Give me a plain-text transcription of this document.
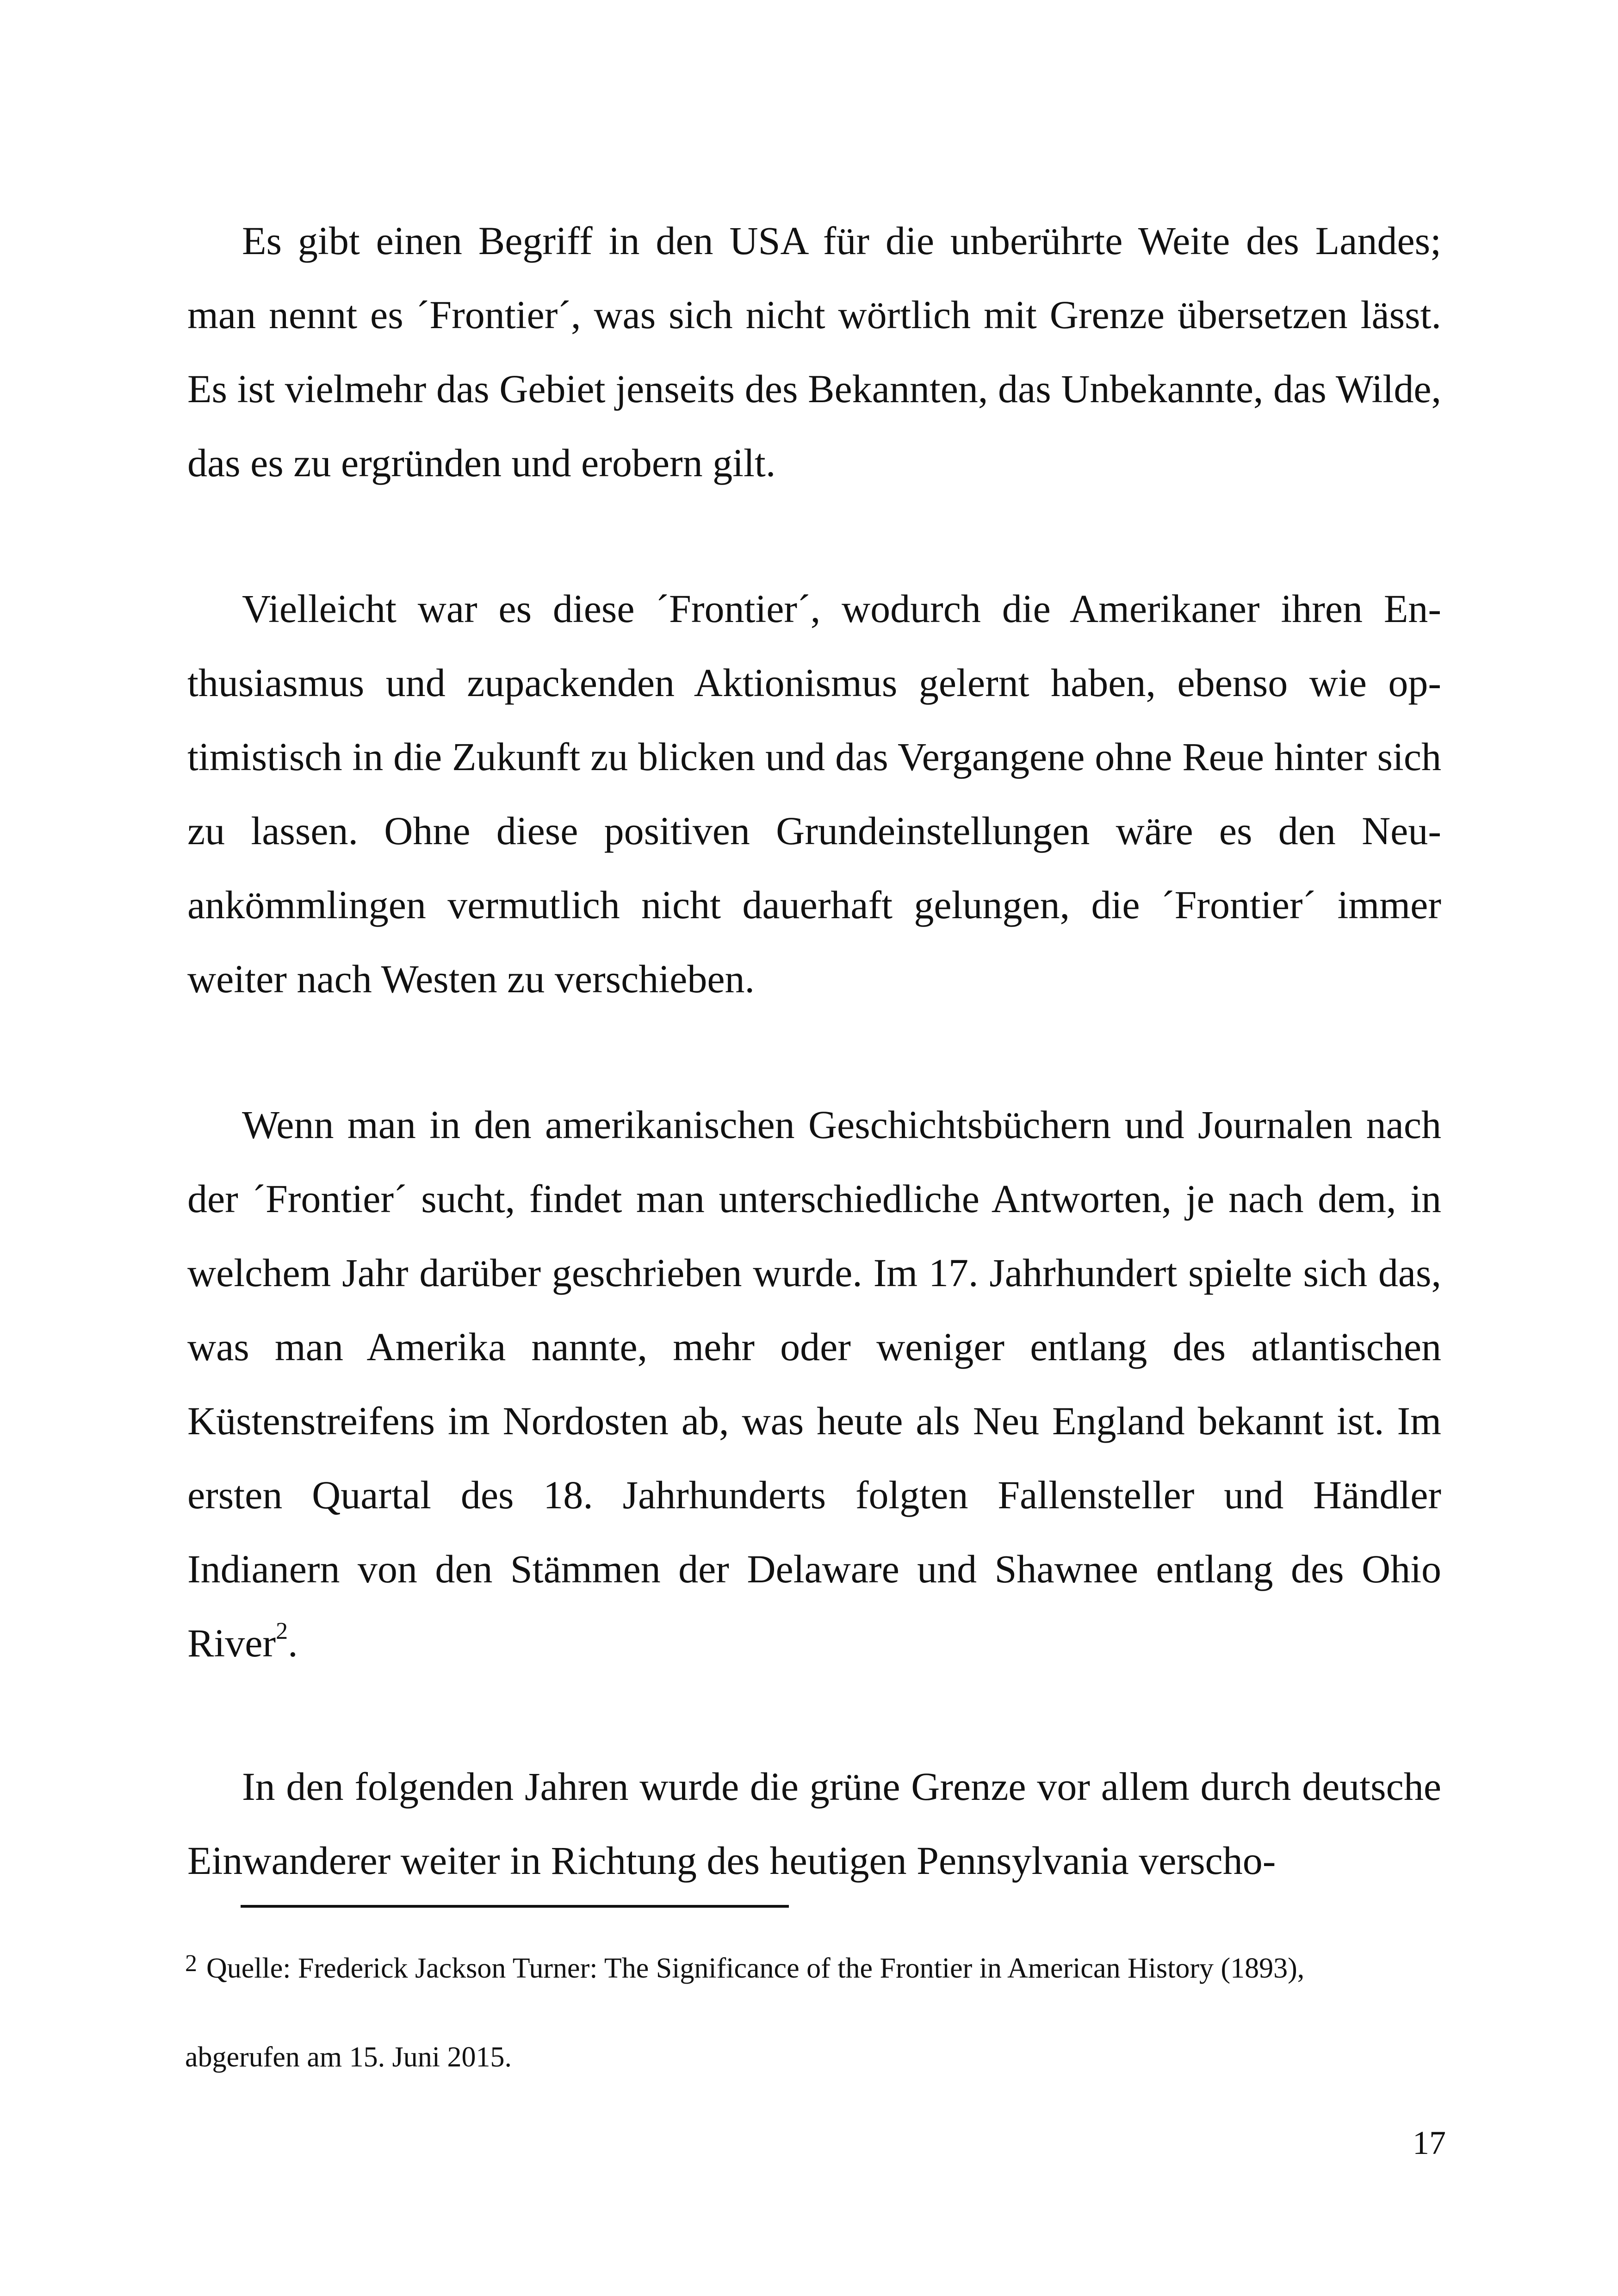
Es gibt einen Begriff in den USA für die unberührte Weite des Landes; man nennt es ´Frontier´, was sich nicht wörtlich mit Grenze übersetzen lässt. Es ist vielmehr das Gebiet jenseits des Bekannten, das Unbekannte, das Wilde, das es zu ergründen und erobern gilt.

Vielleicht war es diese ´Frontier´, wodurch die Amerikaner ihren Enthusiasmus und zupackenden Aktionismus gelernt haben, ebenso wie optimistisch in die Zukunft zu blicken und das Vergangene ohne Reue hinter sich zu lassen. Ohne diese positiven Grundeinstellungen wäre es den Neuankömmlingen vermutlich nicht dauerhaft gelungen, die ´Frontier´ immer weiter nach Westen zu verschieben.

Wenn man in den amerikanischen Geschichtsbüchern und Journalen nach der ´Frontier´ sucht, findet man unterschiedliche Antworten, je nach dem, in welchem Jahr darüber geschrieben wurde. Im 17. Jahrhundert spielte sich das, was man Amerika nannte, mehr oder weniger entlang des atlantischen Küstenstreifens im Nordosten ab, was heute als Neu England bekannt ist. Im ersten Quartal des 18. Jahrhunderts folgten Fallensteller und Händler Indianern von den Stämmen der Delaware und Shawnee entlang des Ohio River$^2$.

In den folgenden Jahren wurde die grüne Grenze vor allem durch deutsche Einwanderer weiter in Richtung des heutigen Pennsylvania verscho-

$^2$ Quelle: Frederick Jackson Turner: The Significance of the Frontier in American History (1893),
abgerufen am 15. Juni 2015.
17
